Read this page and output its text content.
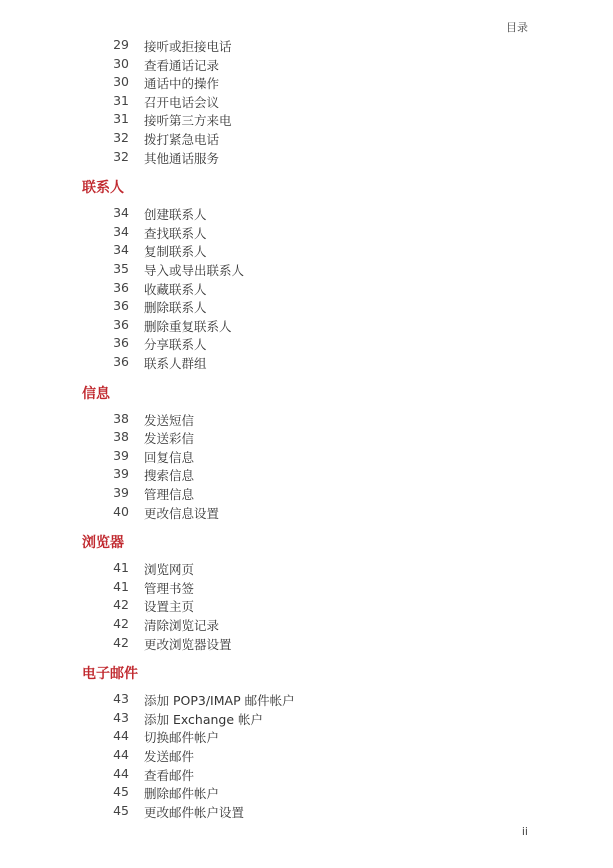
目录
29 接听或拒接电话
30 查看通话记录
30 通话中的操作
31 召开电话会议
31 接听第三方来电
32 拨打紧急电话
32 其他通话服务
联系人
34 创建联系人
34 查找联系人
34 复制联系人
35 导入或导出联系人
36 收藏联系人
36 删除联系人
36 删除重复联系人
36 分享联系人
36 联系人群组
信息
38 发送短信
38 发送彩信
39 回复信息
39 搜索信息
39 管理信息
40 更改信息设置
浏览器
41 浏览网页
41 管理书签
42 设置主页
42 清除浏览记录
42 更改浏览器设置
电子邮件
43 添加 POP3/IMAP 邮件帐户
43 添加 Exchange 帐户
44 切换邮件帐户
44 发送邮件
44 查看邮件
45 删除邮件帐户
45 更改邮件帐户设置
ii
